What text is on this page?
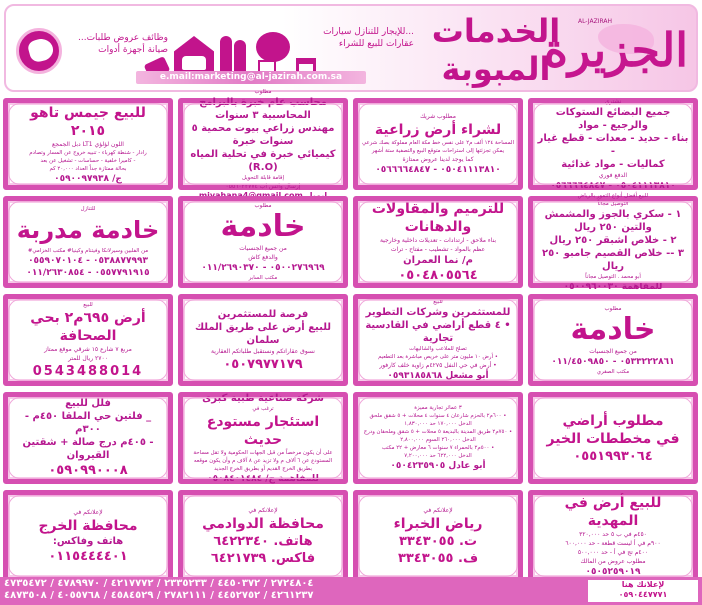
الجزيرة
AL-JAZIRAH
الخدمات
المبوبة
...للإيجار للتنازل سيارات
عقارات للبيع للشراء
وظائف عروض طلبات...
صيانة أجهزة أدوات
e.mail:marketing@al-jazirah.com.sa
نشتري
جميع البضائع الستوكات والرجيع - مواد
بناء - حديد - معدات - قطع غيار -
كماليات - مواد غذائية
الدفع فوري
٠٥٠٤١١١٣٨١٠ - ٠٥٦٦٦٦٤٨٤٧
مطلوب شريك
لشراء أرض زراعية
المساحة ١٢٤ ألف م٢ على نفس خط مكة العام مملوكة بصك شرعي
يمكن تجزئتها إلى استراحات متوقع البيع والتصفية ستة أشهر
كما يوجد لدينا عروض ممتازة
٠٥٠٤١١١٣٨١٠ - ٠٥٦٦٦٦٤٨٤٧
مطلوب
محاسب عام خبرة بالبرامج المحاسبية ٣ سنوات
مهندس زراعي بيوت محمية ٥ سنوات خبرة
كيميائي خبرة في تحلية المياه (R.O)
إقامة قابلة التحويل
إرسال واتس اب ٠٥٥٦٠٢٢٧٧٤
للبيع جيمس تاهو ٢٠١٥
اللون لؤلؤي LT1 دبل الجمجع
رادار - شنطة كهرباء - تنبيه خروج عن المسار وتصادم
- كاميرا خلفية - حساسات - تشغيل عن بعد
بحالة ممتازة جداً العداد ٢٠,٠٠٠ كم
ج/ ٠٥٩٠٠٩٧٩٣٨
للبيع أفضل أنواع التمور بالرياض
التوصيل مجاناً
١ - سكري بالجوز والمشمش والتين ٢٥٠ ريال
٢ - خلاص اشبقر ٢٥٠ ريال
٣ -- خلاص القصيم جامبو ٢٥٠ ريال
أبو محمد . التوصيل مجاناً
للمفاهمة ٠٥٠٠٩٦٠٠٣٠
للترميم والمقاولات والدهانات
بناء ملاحق - ارتدادات - تعديلات داخلية وخارجية
عظم بالمواد - تشطيب - مفتاح - ترات
م/ نما العمران
٠٥٠٤٨٠٥٥٦٤
مطلوب
خادمة
من جميع الجنسيات
والدفع كاش
٠٥٠٠٢٧٦٩٦٩ - ٠١١/٢٦٩٠٣٧٠
مكتب السابر
للتنازل
خادمة مدربة
من الفلبين وسيرلانكا وفيتنام وكينيا# مكتب الخزامي#
٠٥٣٨٨٧٧٩٩٣ - ٠٥٥٩٠٧٠١٠٤
٠٥٥٧٧٩١٩١٥ - ٠١١/٢٦٣٠٨٥٤
مطلوب
خادمة
من جميع الجنسيات
٠٥٣٣٢٢٢٨٦١ - ٠١١/٤٥٠٩٨٥٠
مكتب الصقري
للبيع
للمستثمرين وشركات التطوير
• ٤ قطع أراضي في القادسية تجارية
تصلح للملاعب والشاليهات
• أرض ١٠ مليون متر على خريص مباشرة بعد التطعيم
• أرض في حي النفل ٤٢٧٥م زاوية خلف كارفور
أبو مشعل ٠٥٩٣١٨٥٨٦٨
فرصة للمستثمرين
للبيع أرض على طريق الملك سلمان
نسوق عقاراتكم ونستقبل طلباتكم العقارية
٠٥٠٧٩٧٧١٧٩
للبيع
أرض ٦٩٥م٢ بحي الصحافة
مربع ٧ شارع ١٥ شرقي موقع ممتاز
٢٧٠٠ ريال للمتر
0543488014
مطلوب أراضي
في مخططات الخير
٠٥٥١٩٩٣٠٦٤
٣ عمائر تجارية مميزة
• ٦٠٠م٢ بالحزم شارعان ٤ سنوات ٤ محلات + ٥ شقق ملحق
الدخل ١٧٠,٠٠٠ حد ١,٨٣٠,٠٠٠
• ٧٥٠م٢ طريق المدينة بالبديعة ٥ محلات + ٥ شقق وملحقان ودرج
الدخل ٢٦٠,٠٠٠ السوم ٢,٨٠٠,٠٠٠
• ٥٠٠م٢ بالحمراء ٧ سنوات ٦ معارض + ٢٢ مكتب
الدخل ٦٢٢,٠٠٠ حد ٧,٢٠٠,٠٠٠
أبو عادل ٠٥٠٤٢٣٥٩٠٥
شركة صناعية طبية كبرى
ترغب في
استئجار مستودع حديث
على أن يكون مرخصاً من قبل الجهات الحكومية ولا تقل مساحة
المستودع عن ٦ آلاف م ولا تزيد عن ٨ آلاف م وأن يكون موقعه
بطريق الخرج القديم أو بطريق الخرج الجديد
للمفاهمة ج/ ٠٥٠٨٤٠١٤٨٤
فلل للبيع
_ فلتين حي الملقا ٤٥٠م - ٣٠٠م
- ٤٠٥م درج صالة + شقتين القيروان
٠٥٩٠٩٩٠٠٠٨
للبيع أرض في المهدية
٤٥٠م في ب ٥ حد ٣٢٠,٠٠٠
٩٠٠م في أ ليست قطعة - حد ٦٠٠,٠٠٠
٤٠٠م تج في أ - حد ٥٠٠,٠٠٠
مطلوب عروض من المالك
٠٥٠٥٢٥٩٠١٩
لإعلانكم في
رياض الخبراء
ت. ٣٣٤٣٠٥٥
ف. ٣٣٤٣٠٥٥
لإعلانكم في
محافظة الدوادمي
هاتف. ٦٤٢٢٣٤٠
فاكس. ٦٤٢١٧٣٩
لإعلانكم في
محافظة الخرج
هاتف وفاكس:
٠١١٥٤٤٤٤٠١
٢٧٢٤٨٠٤ / ٤٤٥٠٣٧٢ / ٢٣٣٥٢٣٣ / ٤٢١٧٧٧٢ / ٤٧٨٩٩٧٠ / ٤٧٣٥٤٧٢
٤٢٦١٢٣٧ / ٤٤٥٢٧٥٢ / ٢٧٨٢١١١ / ٤٥٨٤٥٢٩ / ٤٠٥٥٧٦٨ / ٤٨٧٣٥٠٨
لإعلانك هنا
٠٥٩٠٤٤٧٧٧١
